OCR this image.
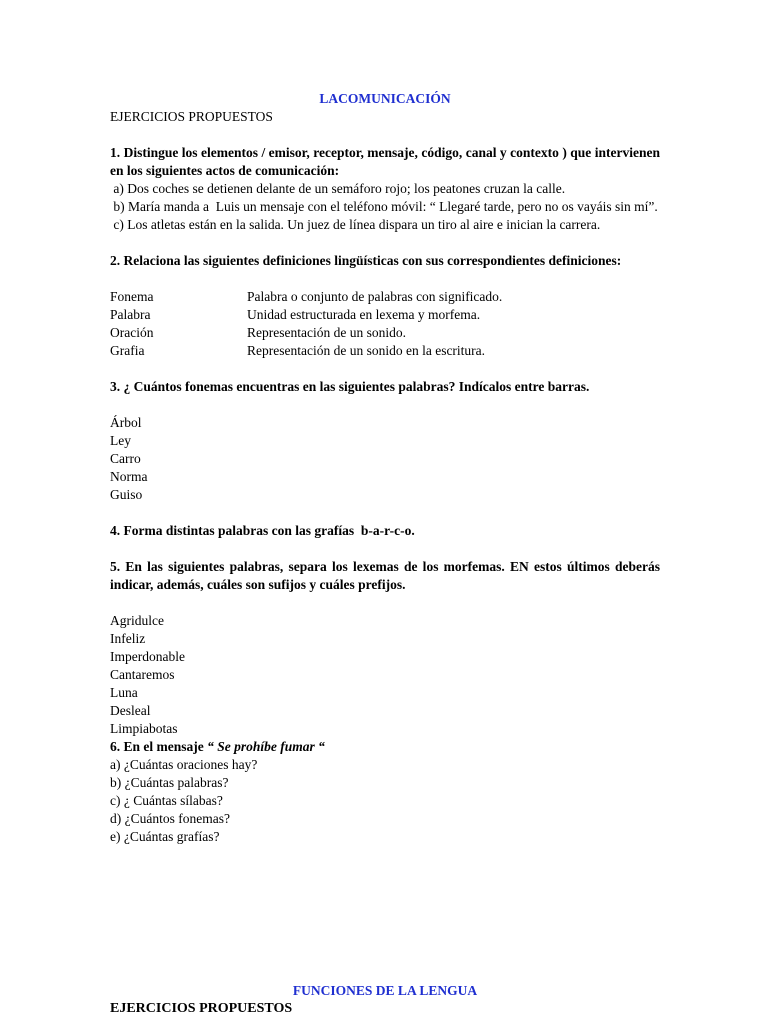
LACOMUNICACIÓN
EJERCICIOS PROPUESTOS
1. Distingue los elementos / emisor, receptor, mensaje, código, canal y contexto ) que intervienen en los siguientes actos de comunicación:
a) Dos coches se detienen delante de un semáforo rojo; los peatones cruzan la calle.
b) María manda a  Luis un mensaje con el teléfono móvil: “ Llegaré tarde, pero no os vayáis sin mí”.
c) Los atletas están en la salida. Un juez de línea dispara un tiro al aire e inician la carrera.
2. Relaciona las siguientes definiciones lingüísticas con sus correspondientes definiciones:
Fonema	Palabra o conjunto de palabras con significado.
Palabra	Unidad estructurada en lexema y morfema.
Oración	Representación de un sonido.
Grafia	Representación de un sonido en la escritura.
3. ¿ Cuántos fonemas encuentras en las siguientes palabras? Indícalos entre barras.
Árbol
Ley
Carro
Norma
Guiso
4. Forma distintas palabras con las grafías  b-a-r-c-o.
5. En las siguientes palabras, separa los lexemas de los morfemas. EN estos últimos deberás indicar, además, cuáles son sufijos y cuáles prefijos.
Agridulce
Infeliz
Imperdonable
Cantaremos
Luna
Desleal
Limpiabotas
6. En el mensaje “ Se prohíbe fumar “
a) ¿Cuántas oraciones hay?
b) ¿Cuántas palabras?
c) ¿ Cuántas sílabas?
d) ¿Cuántos fonemas?
e) ¿Cuántas grafías?
FUNCIONES DE LA LENGUA
EJERCICIOS PROPUESTOS
